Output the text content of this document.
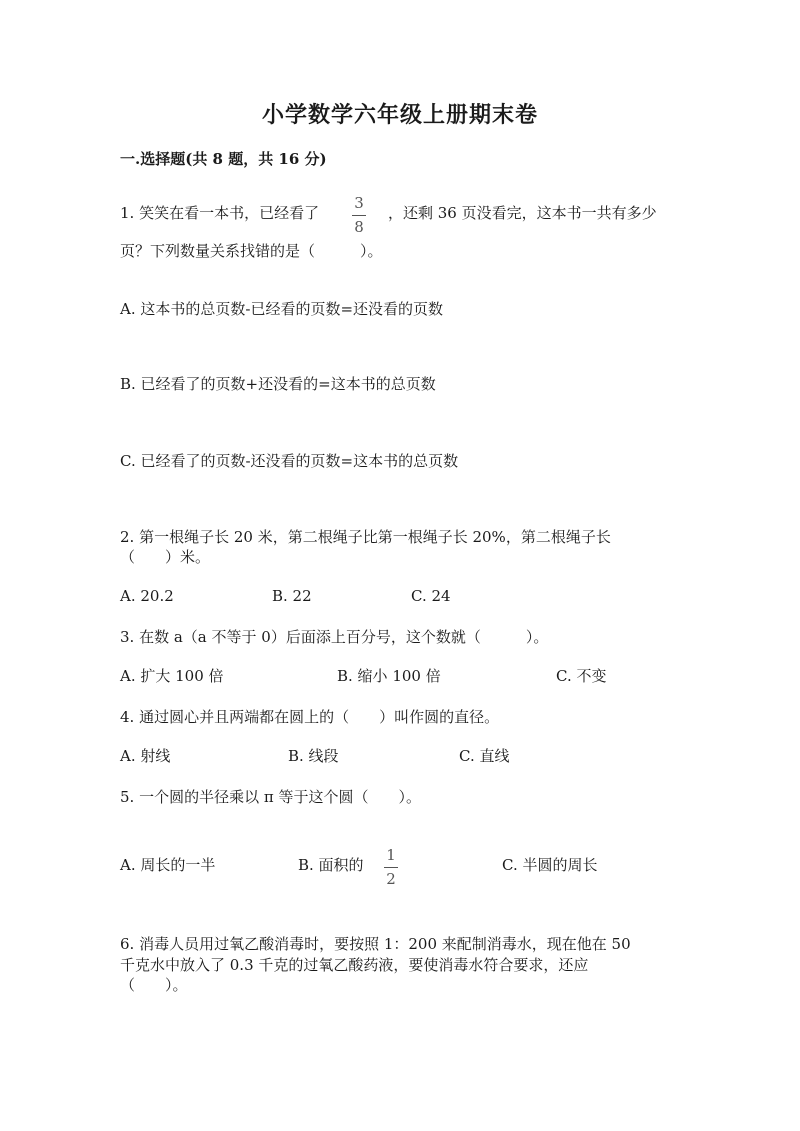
小学数学六年级上册期末卷
一.选择题(共 8 题，共 16 分)
1. 笑笑在看一本书，已经看了
3
8
，还剩 36 页没看完，这本书一共有多少
页？下列数量关系找错的是（　　　）。
A. 这本书的总页数-已经看的页数=还没看的页数
B. 已经看了的页数+还没看的=这本书的总页数
C. 已经看了的页数-还没看的页数=这本书的总页数
2. 第一根绳子长 20 米，第二根绳子比第一根绳子长 20%，第二根绳子长
（　　）米。
A. 20.2	B. 22	C. 24
3. 在数 a（a 不等于 0）后面添上百分号，这个数就（　　　）。
A. 扩大 100 倍	B. 缩小 100 倍	C. 不变
4. 通过圆心并且两端都在圆上的（　　）叫作圆的直径。
A. 射线	B. 线段	C. 直线
5. 一个圆的半径乘以 π 等于这个圆（　　）。
A. 周长的一半	B. 面积的
1
2
C. 半圆的周长
6. 消毒人员用过氧乙酸消毒时，要按照 1：200 来配制消毒水，现在他在 50
千克水中放入了 0.3 千克的过氧乙酸药液，要使消毒水符合要求，还应
（　　）。
